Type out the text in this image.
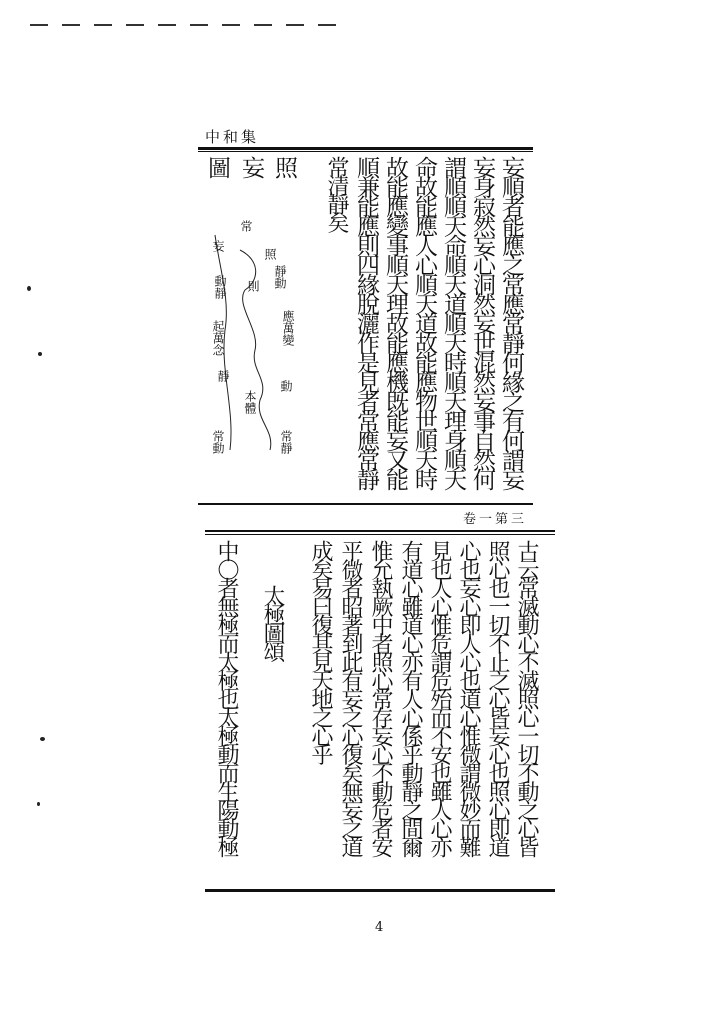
中和集
妄順者能應之常應常靜何緣之有何謂妄
妄身寂然妄心洞然妄世混然妄事自然何
謂順順天命順天道順天時順天理身順天
命故能應人心順天道故能應物世順天時
故能應變事順天理故能應機既能妄又能
順兼能應則四緣脫灑作是見者常應常靜
常清靜矣
照
妄
圖
照
靜動
應萬變
動
常靜
妄
常
則
動靜
起萬念
靜
本體
常動
卷一第三
古云常滅動心不滅照心一切不動之心皆
照心也一切不止之心皆妄心也照心即道
心也妄心即人心也道心惟微謂微妙而難
見也人心惟危謂危殆而不安也雖人心亦
有道心雖道心亦有人心係乎動靜之間爾
惟允執厥中者照心常存妄心不動危者安
平微者昭著到此有妄之心復矣無妄之道
成矣易曰復其見天地之心乎
太極圖頌
中〇者無極而太極也太極動而生陽動極
4
